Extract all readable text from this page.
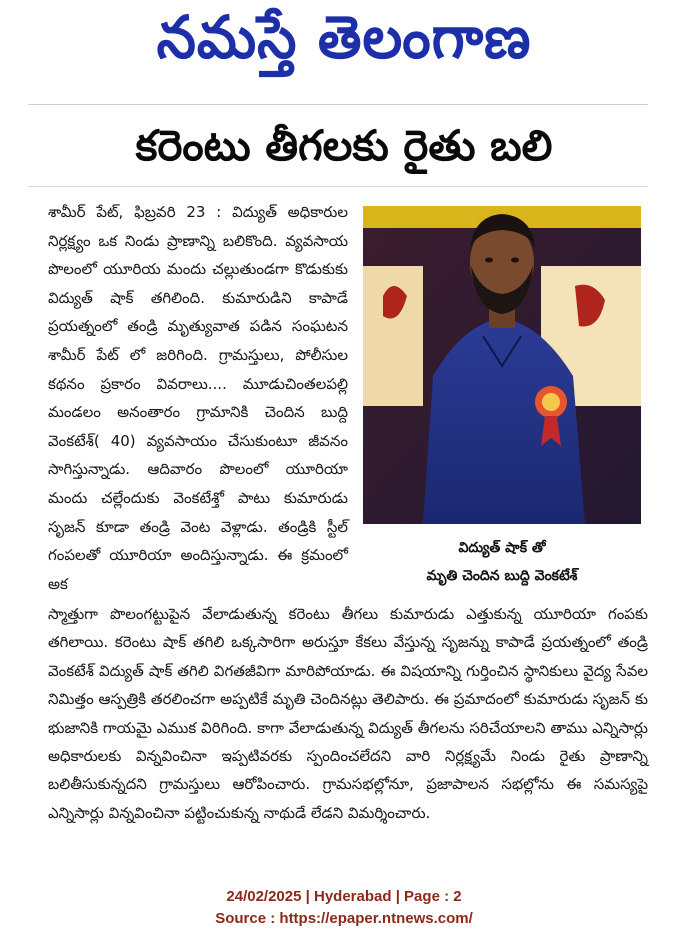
నమస్తే తెలంగాణ
కరెంటు తీగలకు రైతు బలి

శామీర్ పేట్, ఫిబ్రవరి 23 : విద్యుత్ అధికారుల నిర్లక్ష్యం ఒక నిండు ప్రాణాన్ని బలికొంది. వ్యవసాయ పొలంలో యూరియ మందు చల్లుతుండగా కొడుకుకు విద్యుత్ షాక్ తగిలింది. కుమారుడిని కాపాడే ప్రయత్నంలో తండ్రి మృత్యువాత పడిన సంఘటన శామీర్ పేట్ లో జరిగింది. గ్రామస్తులు, పోలీసుల కథనం ప్రకారం వివరాలు.... మూడుచింతలపల్లి మండలం అనంతారం గ్రామానికి చెందిన బుద్ది వెంకటేశ్( 40) వ్యవసాయం చేసుకుంటూ జీవనం సాగిస్తున్నాడు. ఆదివారం పొలంలో యూరియా మందు చల్లేందుకు వెంకటేశ్తో పాటు కుమారుడు సృజన్ కూడా తండ్రి వెంట వెళ్లాడు. తండ్రికి స్టీల్ గంపలతో యూరియా అందిస్తున్నాడు. ఈ క్రమంలో అక

విద్యుత్ షాక్ తో
మృతి చెందిన బుద్ది వెంకటేశ్

స్మాత్తుగా పొలంగట్టుపైన వేలాడుతున్న కరెంటు తీగలు కుమారుడు ఎత్తుకున్న యూరియా గంపకు తగిలాయి. కరెంటు షాక్ తగిలి ఒక్కసారిగా అరుస్తూ కేకలు వేస్తున్న సృజన్ను కాపాడే ప్రయత్నంలో తండ్రి వెంకటేశ్ విద్యుత్ షాక్ తగిలి విగతజీవిగా మారిపోయాడు. ఈ విషయాన్ని గుర్తించిన స్థానికులు వైద్య సేవల నిమిత్తం ఆస్పత్రికి తరలించగా అప్పటికే మృతి చెందినట్లు తెలిపారు. ఈ ప్రమాదంలో కుమారుడు సృజన్ కు భుజానికి గాయమై ఎముక విరిగింది. కాగా వేలాడుతున్న విద్యుత్ తీగలను సరిచేయాలని తాము ఎన్నిసార్లు అధికారులకు విన్నవించినా ఇప్పటివరకు స్పందించలేదని వారి నిర్లక్ష్యమే నిండు రైతు ప్రాణాన్ని బలితీసుకున్నదని గ్రామస్తులు ఆరోపించారు. గ్రామసభల్లోనూ, ప్రజాపాలన సభల్లోను ఈ సమస్యపై ఎన్నిసార్లు విన్నవించినా పట్టించుకున్న నాథుడే లేడని విమర్శించారు.

24/02/2025 | Hyderabad | Page : 2
Source : https://epaper.ntnews.com/
